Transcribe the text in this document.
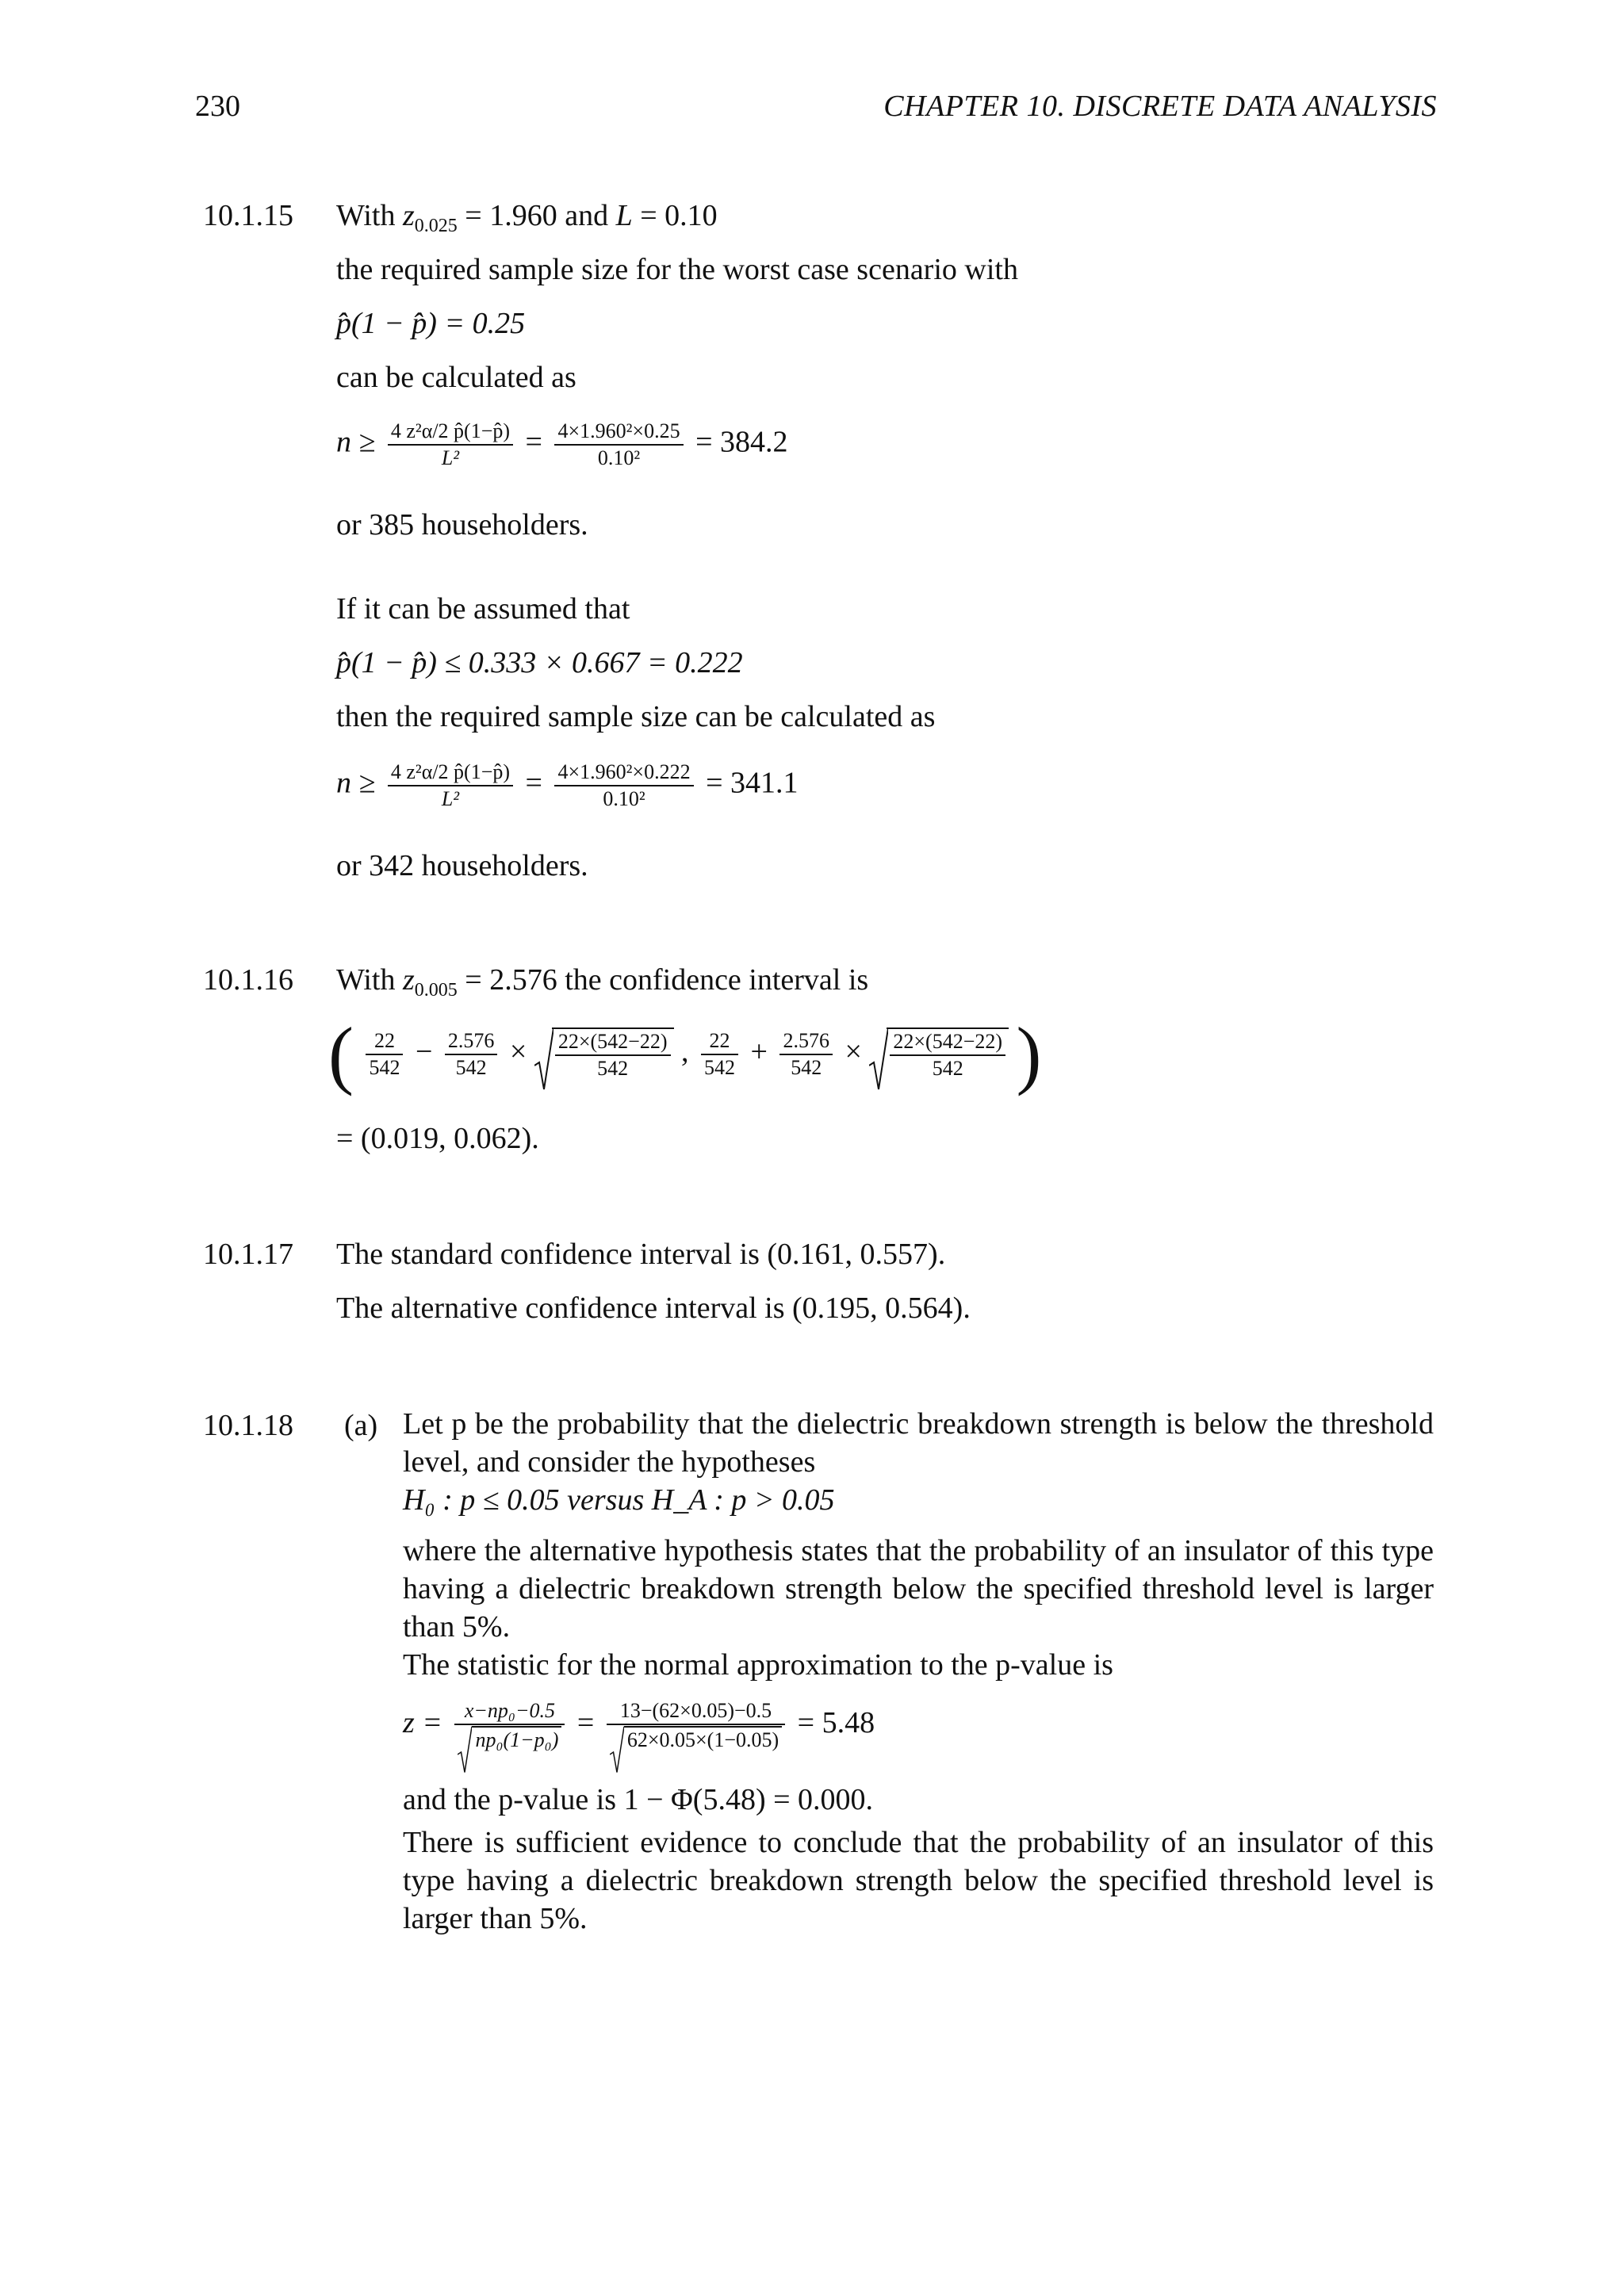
230	CHAPTER 10. DISCRETE DATA ANALYSIS
10.1.15 With $z_{0.025} = 1.960$ and L = 0.10
the required sample size for the worst case scenario with
p̂(1 − p̂) = 0.25
can be calculated as
$n \ge \frac{\text{4 z²α/2 p̂(1−p̂)}}{\text{L²}} = \frac{\text{4×1.960²×0.25}}{\text{0.10²}} = 384.2$
or 385 householders.
If it can be assumed that
p̂(1 − p̂) ≤ 0.333 × 0.667 = 0.222
then the required sample size can be calculated as
$n \ge \frac{\text{4 z²α/2 p̂(1−p̂)}}{\text{L²}} = \frac{\text{4×1.960²×0.222}}{\text{0.10²}} = 341.1$
or 342 householders.
10.1.16 With $z_{0.005} = 2.576$ the confidence interval is
( $\frac{22}{542} - \frac{2.576}{542} \times \frac{22\times(542-22)}{542}$ , $\frac{22}{542} + \frac{2.576}{542} \times \frac{22\times(542-22)}{542}$ )
= (0.019, 0.062).
10.1.17 The standard confidence interval is (0.161, 0.557).
The alternative confidence interval is (0.195, 0.564).
10.1.18 (a) Let p be the probability that the dielectric breakdown strength is below the threshold level, and consider the hypotheses
H₀ : p ≤ 0.05 versus H_A : p > 0.05
where the alternative hypothesis states that the probability of an insulator of this type having a dielectric breakdown strength below the specified threshold level is larger than 5%.
The statistic for the normal approximation to the p-value is
$z = \frac{\text{x−np₀−0.5}}{\text{np₀(1−p₀)}} = \frac{13-(62\times 0.05)-0.5}{62\times 0.05\times(1-0.05)} = 5.48$
and the p-value is 1 − Φ(5.48) = 0.000.
There is sufficient evidence to conclude that the probability of an insulator of this type having a dielectric breakdown strength below the specified threshold level is larger than 5%.
